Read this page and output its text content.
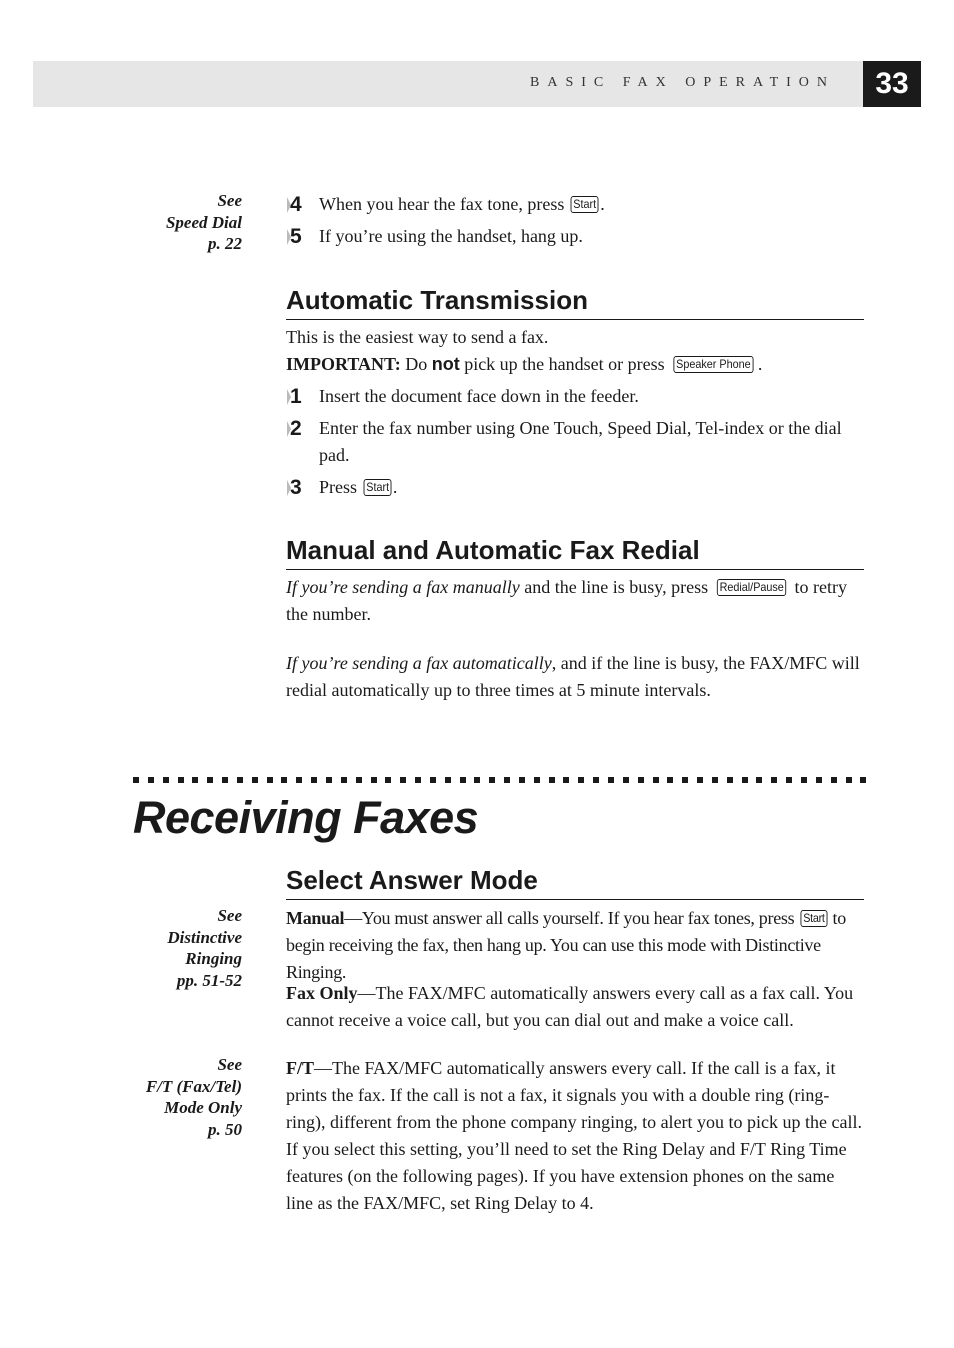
BASIC FAX OPERATION	33
See
Speed Dial
p. 22
4 When you hear the fax tone, press Start .
5 If you’re using the handset, hang up.
Automatic Transmission
This is the easiest way to send a fax.
IMPORTANT: Do not pick up the handset or press Speaker Phone .
1 Insert the document face down in the feeder.
2 Enter the fax number using One Touch, Speed Dial, Tel-index or the dial pad.
3 Press Start .
Manual and Automatic Fax Redial
If you’re sending a fax manually and the line is busy, press Redial/Pause to retry the number.
If you’re sending a fax automatically, and if the line is busy, the FAX/MFC will redial automatically up to three times at 5 minute intervals.
Receiving Faxes
Select Answer Mode
See
Distinctive
Ringing
pp. 51-52
Manual—You must answer all calls yourself. If you hear fax tones, press Start to begin receiving the fax, then hang up. You can use this mode with Distinctive Ringing.
Fax Only—The FAX/MFC automatically answers every call as a fax call. You cannot receive a voice call, but you can dial out and make a voice call.
See
F/T (Fax/Tel)
Mode Only
p. 50
F/T—The FAX/MFC automatically answers every call. If the call is a fax, it prints the fax. If the call is not a fax, it signals you with a double ring (ring-ring), different from the phone company ringing, to alert you to pick up the call. If you select this setting, you’ll need to set the Ring Delay and F/T Ring Time features (on the following pages). If you have extension phones on the same line as the FAX/MFC, set Ring Delay to 4.
